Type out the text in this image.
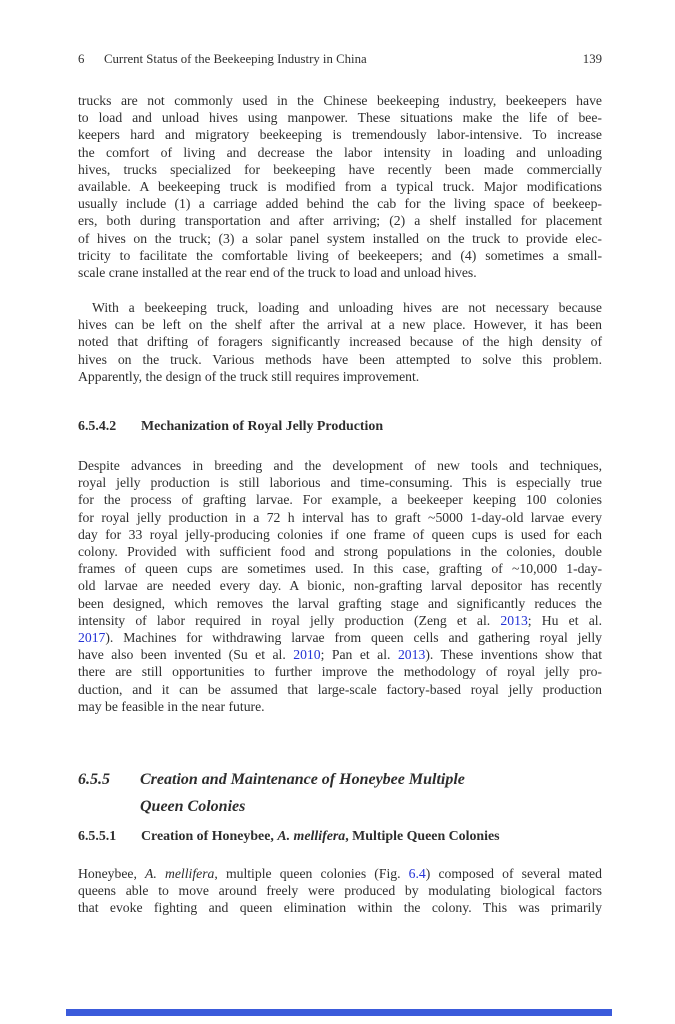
6 Current Status of the Beekeeping Industry in China	139
trucks are not commonly used in the Chinese beekeeping industry, beekeepers have
to load and unload hives using manpower. These situations make the life of bee-
keepers hard and migratory beekeeping is tremendously labor-intensive. To increase
the comfort of living and decrease the labor intensity in loading and unloading
hives, trucks specialized for beekeeping have recently been made commercially
available. A beekeeping truck is modified from a typical truck. Major modifications
usually include (1) a carriage added behind the cab for the living space of beekeep-
ers, both during transportation and after arriving; (2) a shelf installed for placement
of hives on the truck; (3) a solar panel system installed on the truck to provide elec-
tricity to facilitate the comfortable living of beekeepers; and (4) sometimes a small-
scale crane installed at the rear end of the truck to load and unload hives.
With a beekeeping truck, loading and unloading hives are not necessary because
hives can be left on the shelf after the arrival at a new place. However, it has been
noted that drifting of foragers significantly increased because of the high density of
hives on the truck. Various methods have been attempted to solve this problem.
Apparently, the design of the truck still requires improvement.
6.5.4.2 Mechanization of Royal Jelly Production
Despite advances in breeding and the development of new tools and techniques,
royal jelly production is still laborious and time-consuming. This is especially true
for the process of grafting larvae. For example, a beekeeper keeping 100 colonies
for royal jelly production in a 72 h interval has to graft ~5000 1-day-old larvae every
day for 33 royal jelly-producing colonies if one frame of queen cups is used for each
colony. Provided with sufficient food and strong populations in the colonies, double
frames of queen cups are sometimes used. In this case, grafting of ~10,000 1-day-
old larvae are needed every day. A bionic, non-grafting larval depositor has recently
been designed, which removes the larval grafting stage and significantly reduces the
intensity of labor required in royal jelly production (Zeng et al. 2013; Hu et al.
2017). Machines for withdrawing larvae from queen cells and gathering royal jelly
have also been invented (Su et al. 2010; Pan et al. 2013). These inventions show that
there are still opportunities to further improve the methodology of royal jelly pro-
duction, and it can be assumed that large-scale factory-based royal jelly production
may be feasible in the near future.
6.5.5	Creation and Maintenance of Honeybee Multiple
Queen Colonies
6.5.5.1 Creation of Honeybee, A. mellifera, Multiple Queen Colonies
Honeybee, A. mellifera, multiple queen colonies (Fig. 6.4) composed of several mated
queens able to move around freely were produced by modulating biological factors
that evoke fighting and queen elimination within the colony. This was primarily
